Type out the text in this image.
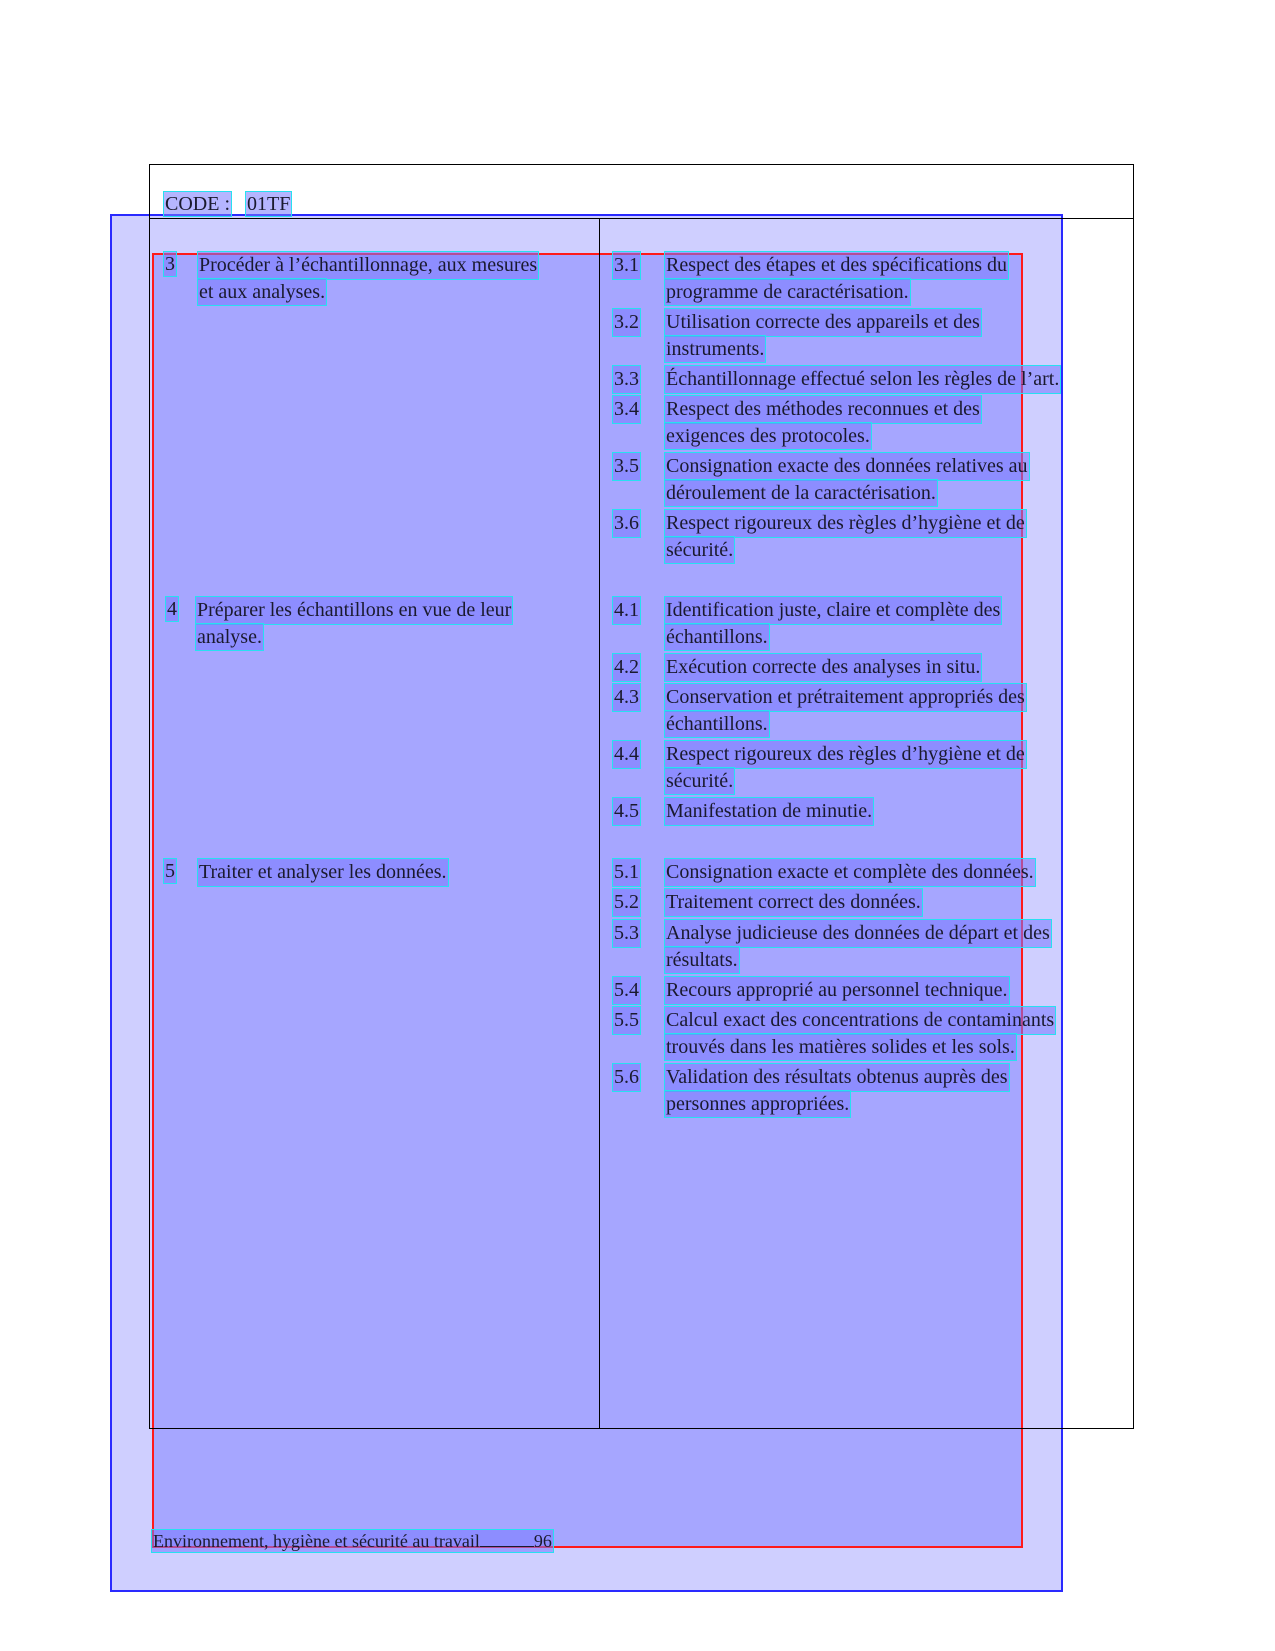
CODE : 01TF
3 Procéder à l’échantillonnage, aux mesures
et aux analyses.
3.1 Respect des étapes et des spécifications du
programme de caractérisation.
3.2 Utilisation correcte des appareils et des
instruments.
3.3 Échantillonnage effectué selon les règles de l’art.
3.4 Respect des méthodes reconnues et des
exigences des protocoles.
3.5 Consignation exacte des données relatives au
déroulement de la caractérisation.
3.6 Respect rigoureux des règles d’hygiène et de
sécurité.
4 Préparer les échantillons en vue de leur
analyse.
4.1 Identification juste, claire et complète des
échantillons.
4.2 Exécution correcte des analyses in situ.
4.3 Conservation et prétraitement appropriés des
échantillons.
4.4 Respect rigoureux des règles d’hygiène et de
sécurité.
4.5 Manifestation de minutie.
5 Traiter et analyser les données.	5.1 Consignation exacte et complète des données.
5.2 Traitement correct des données.
5.3 Analyse judicieuse des données de départ et des
résultats.
5.4 Recours approprié au personnel technique.
5.5 Calcul exact des concentrations de contaminants
trouvés dans les matières solides et les sols.
5.6 Validation des résultats obtenus auprès des
personnes appropriées.
Environnement, hygiène et sécurité au travail	96
